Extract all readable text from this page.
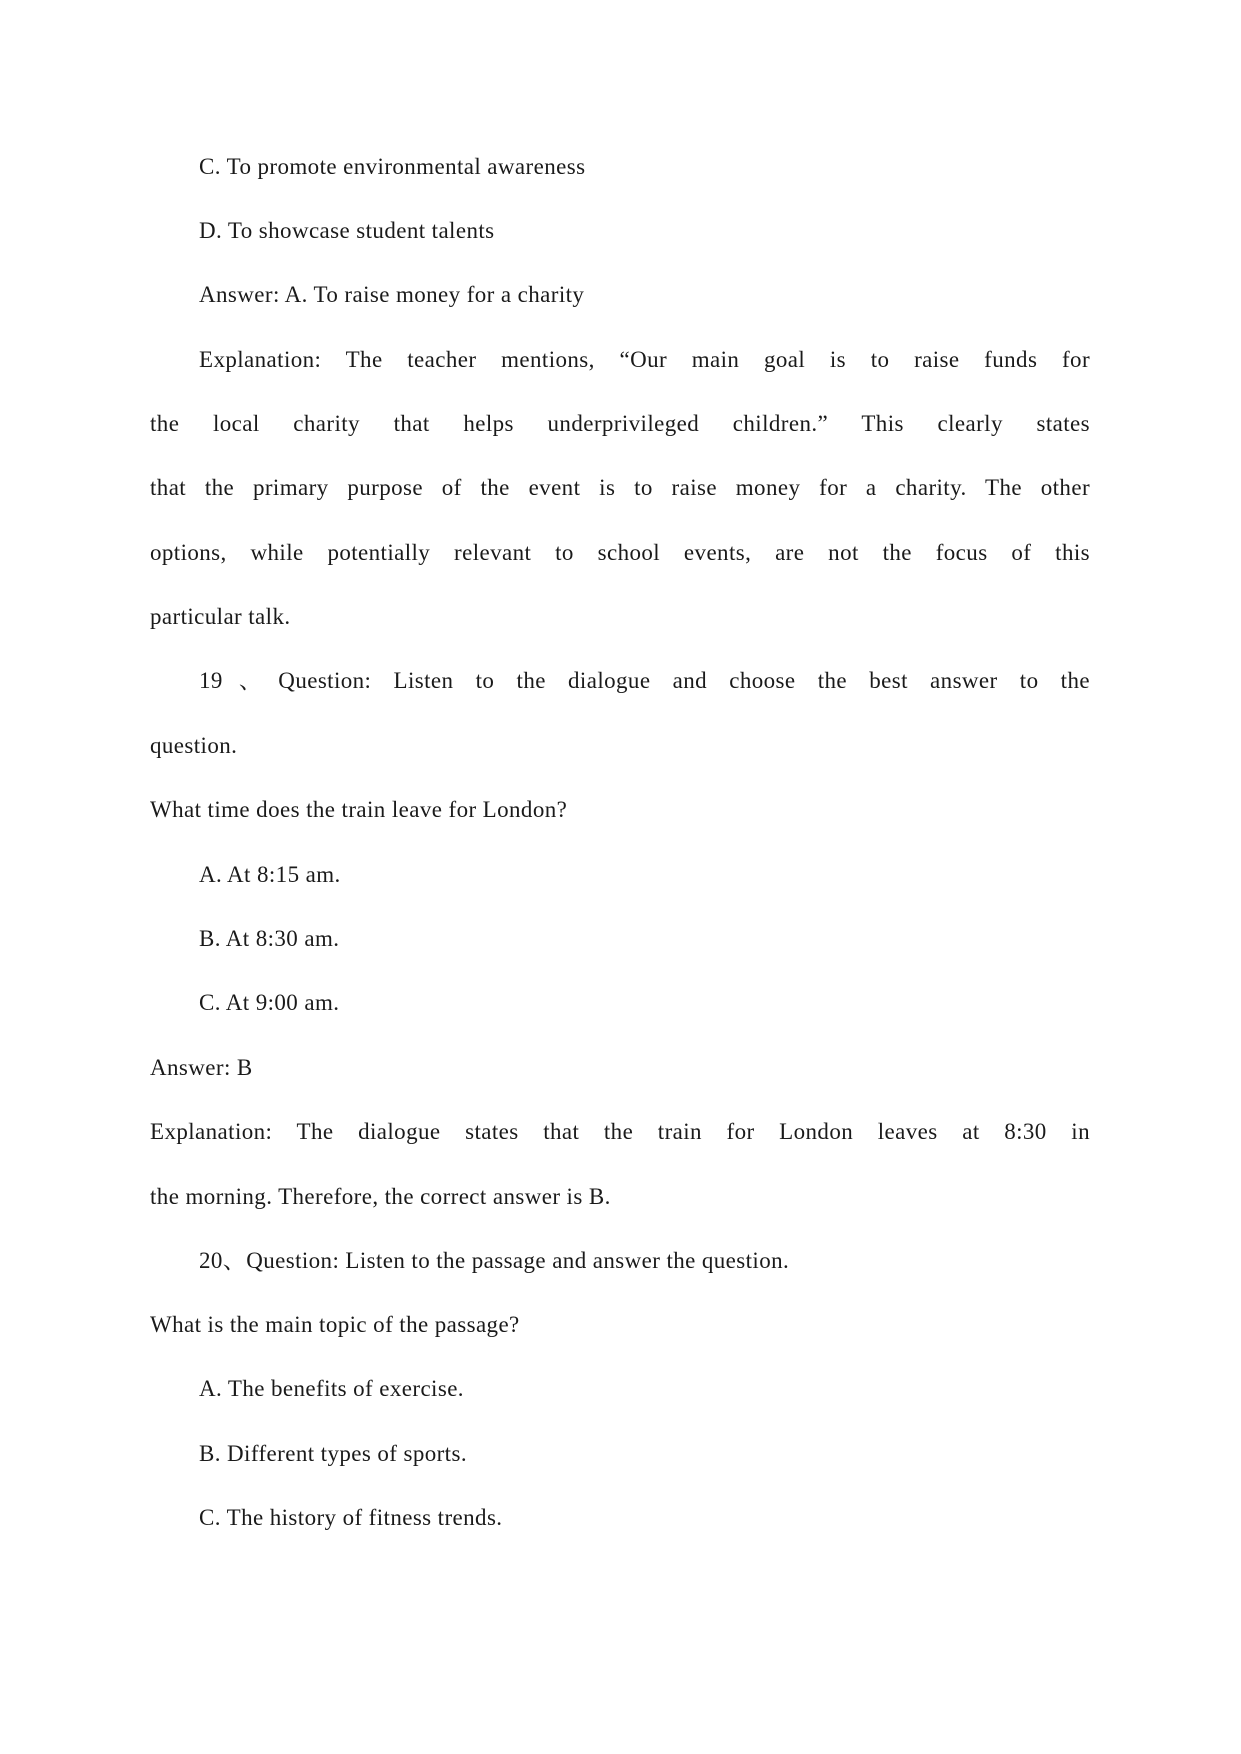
C. To promote environmental awareness
D. To showcase student talents
Answer: A. To raise money for a charity
Explanation: The teacher mentions, “Our main goal is to raise funds for
the local charity that helps underprivileged children.” This clearly states
that the primary purpose of the event is to raise money for a charity. The other
options, while potentially relevant to school events, are not the focus of this
particular talk.
19、Question: Listen to the dialogue and choose the best answer to the
question.
What time does the train leave for London?
A. At 8:15 am.
B. At 8:30 am.
C. At 9:00 am.
Answer: B
Explanation: The dialogue states that the train for London leaves at 8:30 in
the morning. Therefore, the correct answer is B.
20、Question: Listen to the passage and answer the question.
What is the main topic of the passage?
A. The benefits of exercise.
B. Different types of sports.
C. The history of fitness trends.
